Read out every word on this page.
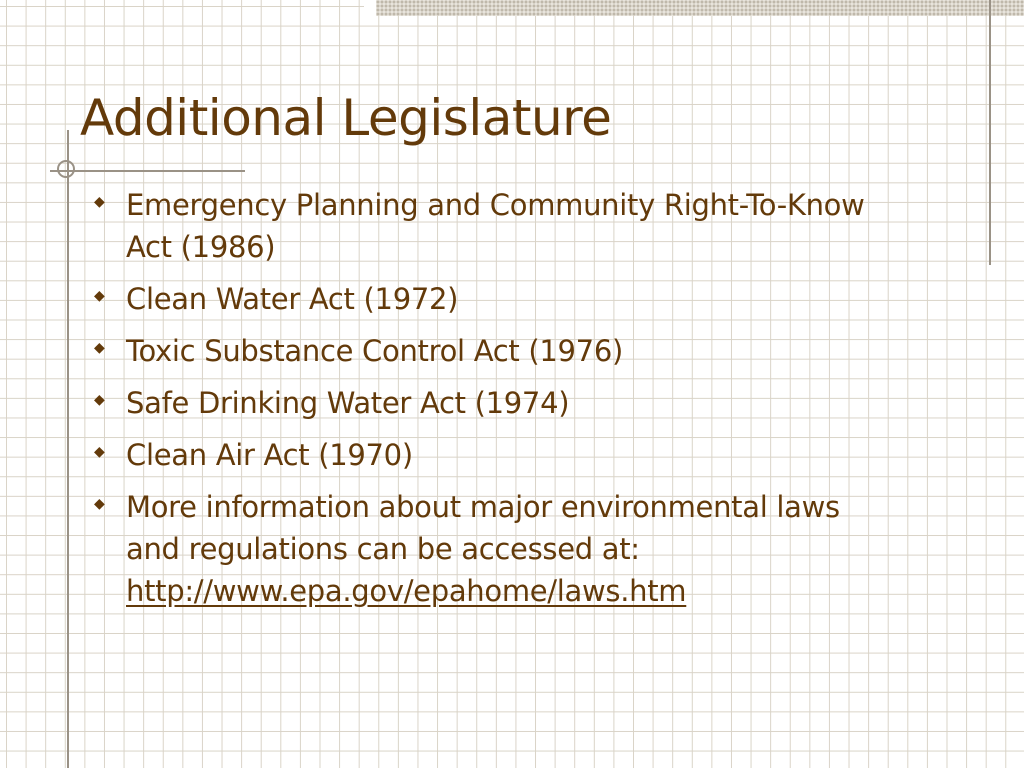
Additional Legislature
◆ Emergency Planning and Community Right-To-Know Act (1986)
◆ Clean Water Act (1972)
◆ Toxic Substance Control Act (1976)
◆ Safe Drinking Water Act (1974)
◆ Clean Air Act (1970)
◆ More information about major environmental laws and regulations can be accessed at:
http://www.epa.gov/epahome/laws.htm
